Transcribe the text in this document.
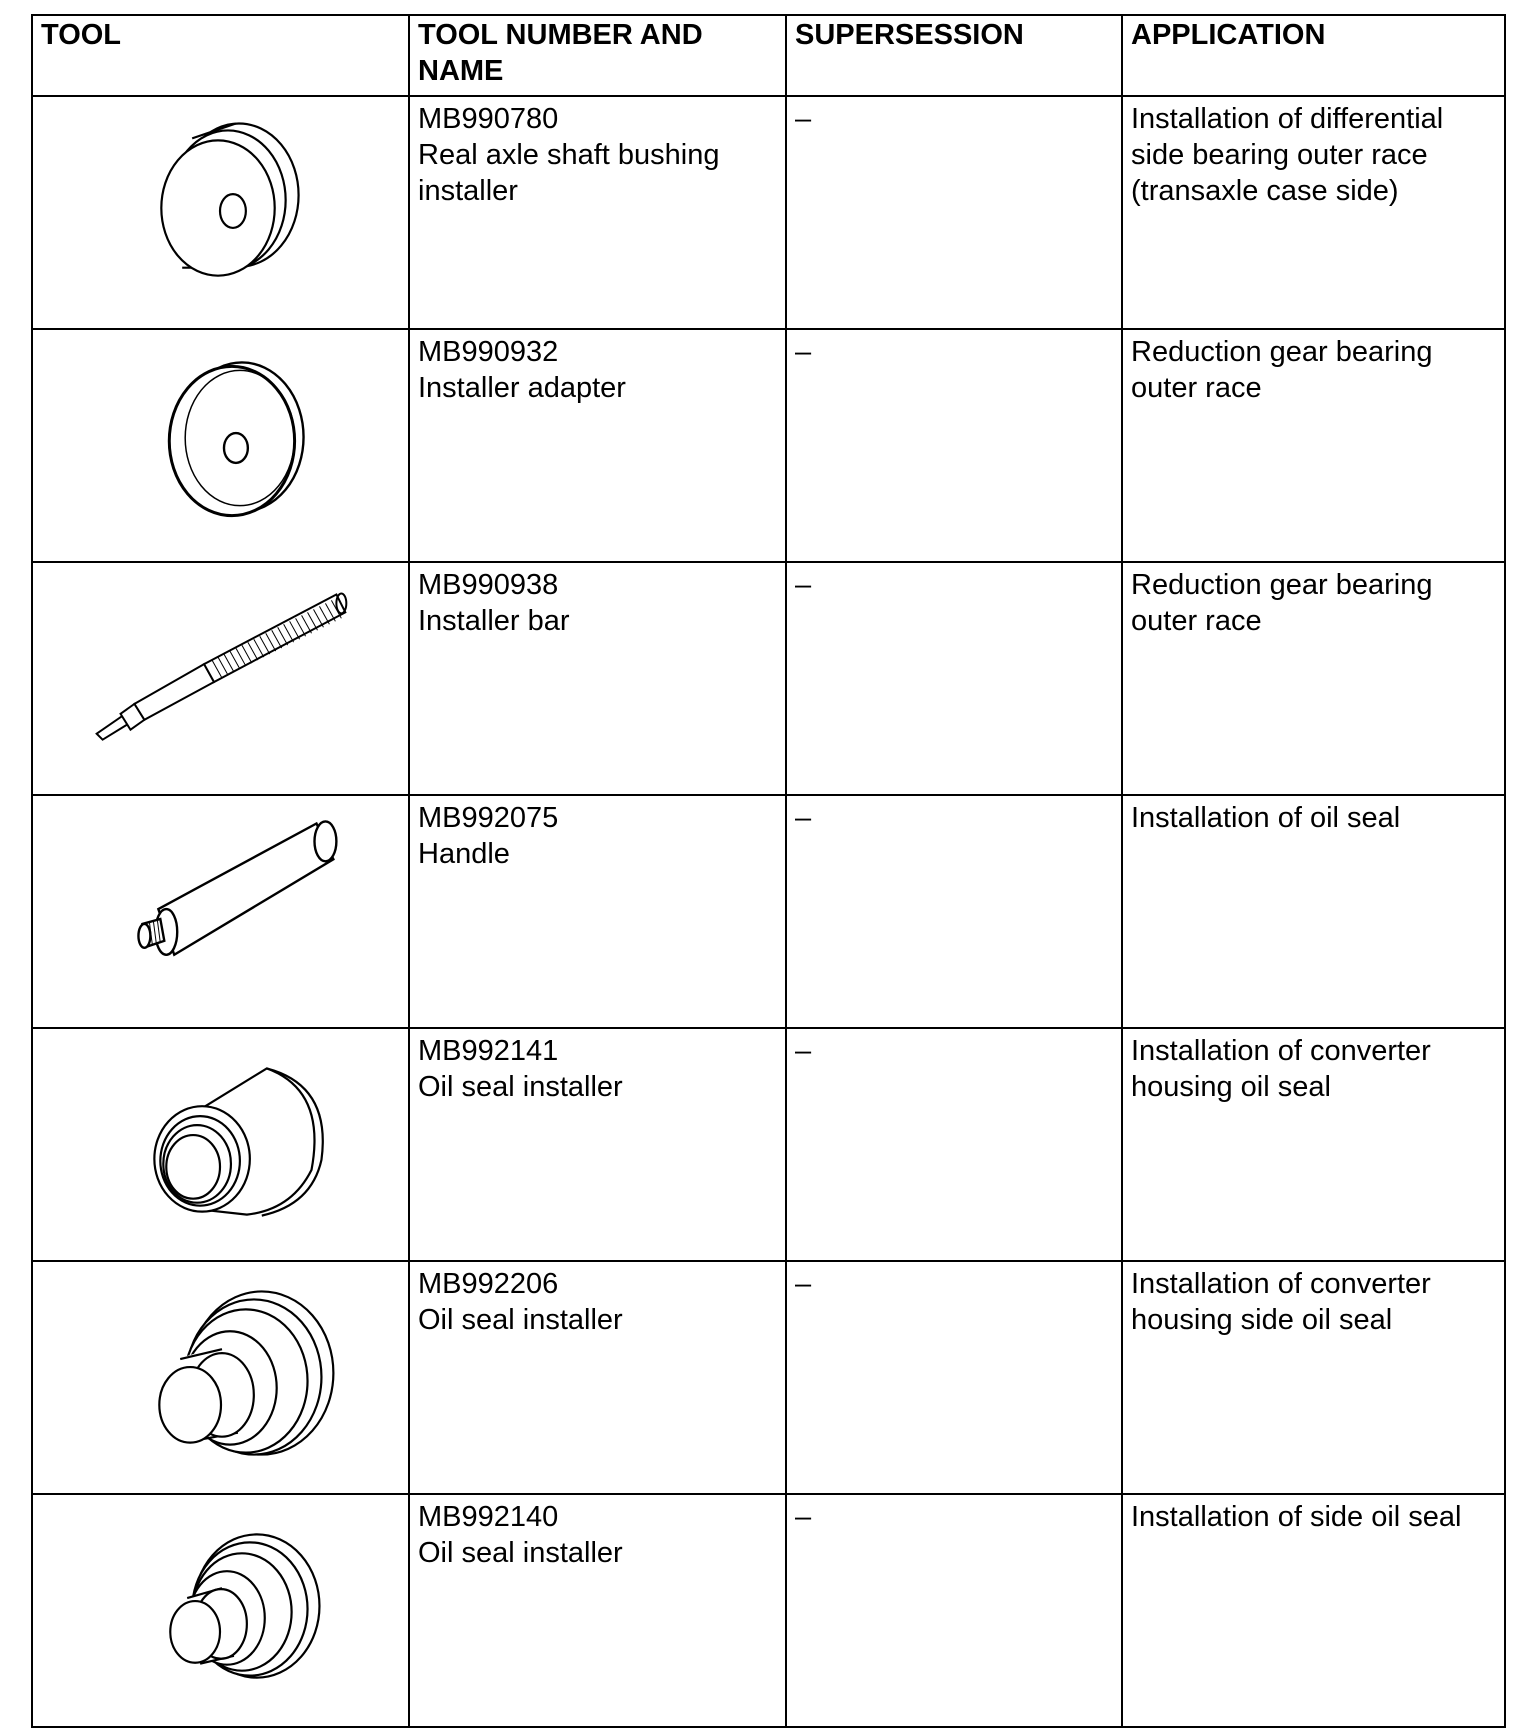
TOOL	TOOL NUMBER AND NAME	SUPERSESSION	APPLICATION

MB990780
Real axle shaft bushing installer	–	Installation of differential side bearing outer race (transaxle case side)

MB990932
Installer adapter	–	Reduction gear bearing outer race

MB990938
Installer bar	–	Reduction gear bearing outer race

MB992075
Handle	–	Installation of oil seal

MB992141
Oil seal installer	–	Installation of converter housing oil seal

MB992206
Oil seal installer	–	Installation of converter housing side oil seal

MB992140
Oil seal installer	–	Installation of side oil seal
